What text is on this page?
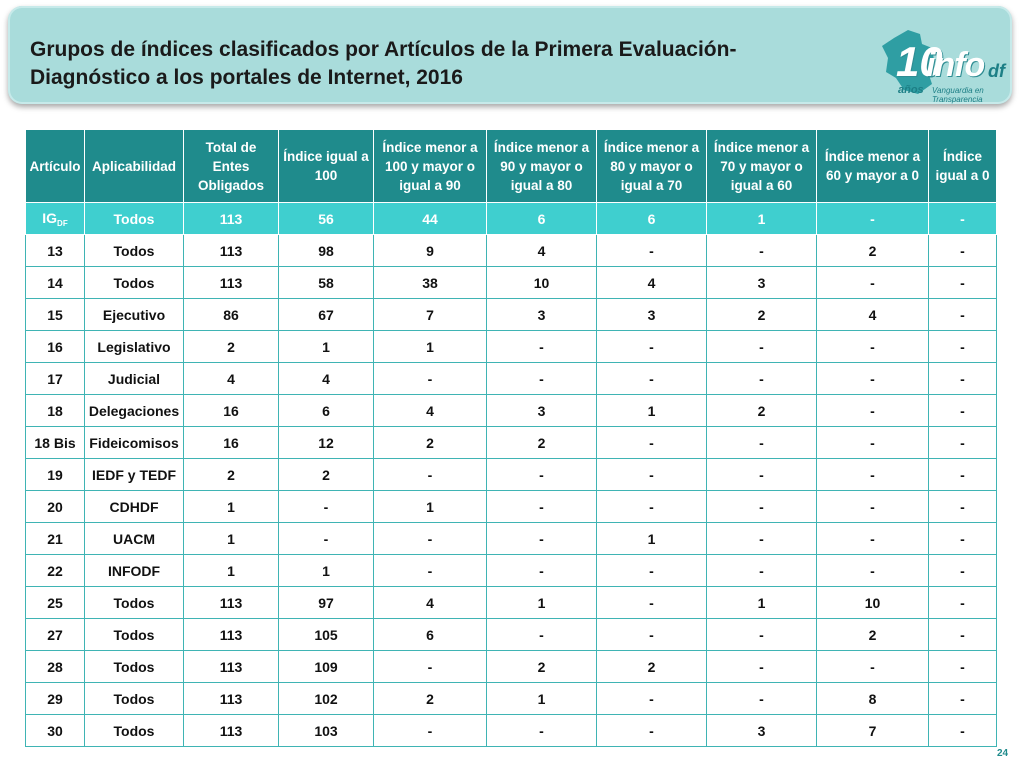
Grupos de índices clasificados por Artículos de la Primera Evaluación-
Diagnóstico a los portales de Internet, 2016	10
info df
años Vanguardia en Transparencia
Artículo	Aplicabilidad	Total de Entes Obligados	Índice igual a 100	Índice menor a 100 y mayor o igual a 90	Índice menor a 90 y mayor o igual a 80	Índice menor a 80 y mayor o igual a 70	Índice menor a 70 y mayor o igual a 60	Índice menor a 60 y mayor a 0	Índice igual a 0
$IG_{DF}$	Todos	113	56	44	6	6	1	-	-
13	Todos	113	98	9	4	-	-	2	-
14	Todos	113	58	38	10	4	3	-	-
15	Ejecutivo	86	67	7	3	3	2	4	-
16	Legislativo	2	1	1	-	-	-	-	-
17	Judicial	4	4	-	-	-	-	-	-
18	Delegaciones	16	6	4	3	1	2	-	-
18 Bis	Fideicomisos	16	12	2	2	-	-	-	-
19	IEDF y TEDF	2	2	-	-	-	-	-	-
20	CDHDF	1	-	1	-	-	-	-	-
21	UACM	1	-	-	-	1	-	-	-
22	INFODF	1	1	-	-	-	-	-	-
25	Todos	113	97	4	1	-	1	10	-
27	Todos	113	105	6	-	-	-	2	-
28	Todos	113	109	-	2	2	-	-	-
29	Todos	113	102	2	1	-	-	8	-
30	Todos	113	103	-	-	-	3	7	-
24
